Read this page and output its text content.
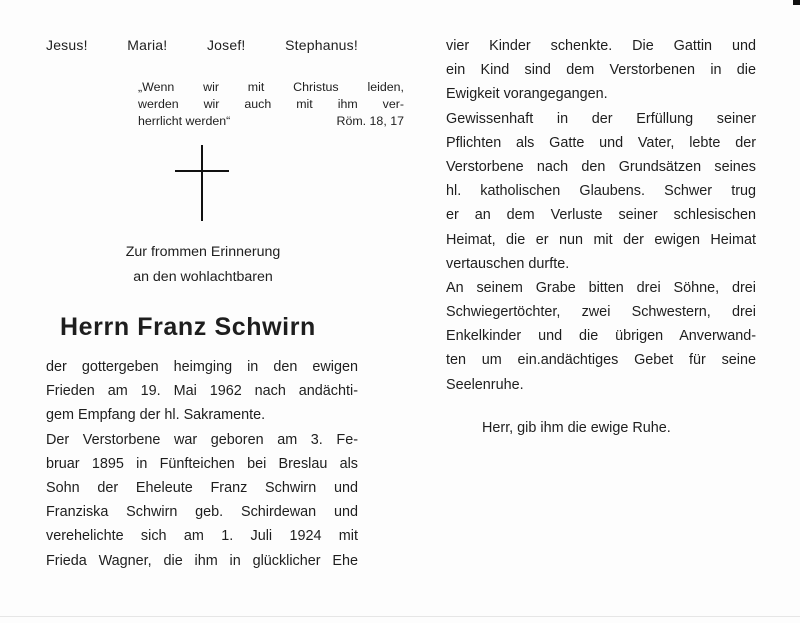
Jesus!	Maria!	Josef!	Stephanus!
„Wenn wir mit Christus leiden,
werden wir auch mit ihm ver-
herrlicht werden“	Röm. 18, 17
Zur frommen Erinnerung
an den wohlachtbaren
Herrn Franz Schwirn
der gottergeben heimging in den ewigen
Frieden am 19. Mai 1962 nach andächti-
gem Empfang der hl. Sakramente.
Der Verstorbene war geboren am 3. Fe-
bruar 1895 in Fünfteichen bei Breslau als
Sohn der Eheleute Franz Schwirn und
Franziska Schwirn geb. Schirdewan und
verehelichte sich am 1. Juli 1924 mit
Frieda Wagner, die ihm in glücklicher Ehe
vier Kinder schenkte. Die Gattin und
ein Kind sind dem Verstorbenen in die
Ewigkeit vorangegangen.
Gewissenhaft in der Erfüllung seiner
Pflichten als Gatte und Vater, lebte der
Verstorbene nach den Grundsätzen seines
hl. katholischen Glaubens. Schwer trug
er an dem Verluste seiner schlesischen
Heimat, die er nun mit der ewigen Heimat
vertauschen durfte.
An seinem Grabe bitten drei Söhne, drei
Schwiegertöchter, zwei Schwestern, drei
Enkelkinder und die übrigen Anverwand-
ten um ein.andächtiges Gebet für seine
Seelenruhe.
Herr, gib ihm die ewige Ruhe.
